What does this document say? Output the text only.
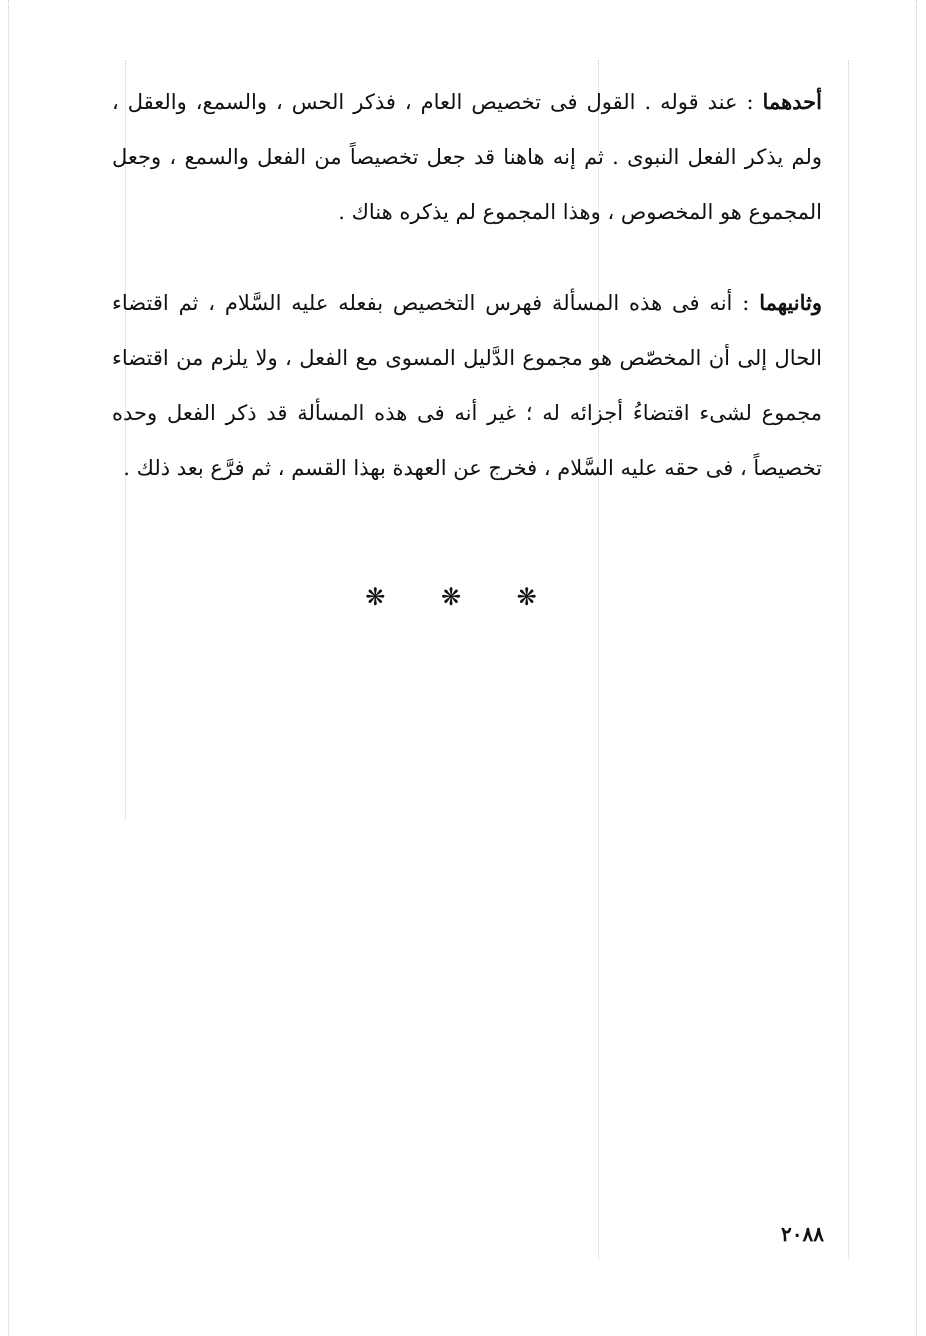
أحدهما : عند قوله . القول فى تخصيص العام ، فذكر الحس ، والسمع، والعقل ، ولم يذكر الفعل النبوى . ثم إنه هاهنا قد جعل تخصيصاً من الفعل والسمع ، وجعل المجموع هو المخصوص ، وهذا المجموع لم يذكره هناك .

وثانيهما : أنه فى هذه المسألة فهرس التخصيص بفعله عليه السَّلام ، ثم اقتضاء الحال إلى أن المخصّص هو مجموع الدَّليل المسوى مع الفعل ، ولا يلزم من اقتضاء مجموع لشىء اقتضاءُ أجزائه له ؛ غير أنه فى هذه المسألة قد ذكر الفعل وحده تخصيصاً ، فى حقه عليه السَّلام ، فخرج عن العهدة بهذا القسم ، ثم فرَّع بعد ذلك .

❋ ❋ ❋
٢٠٨٨
